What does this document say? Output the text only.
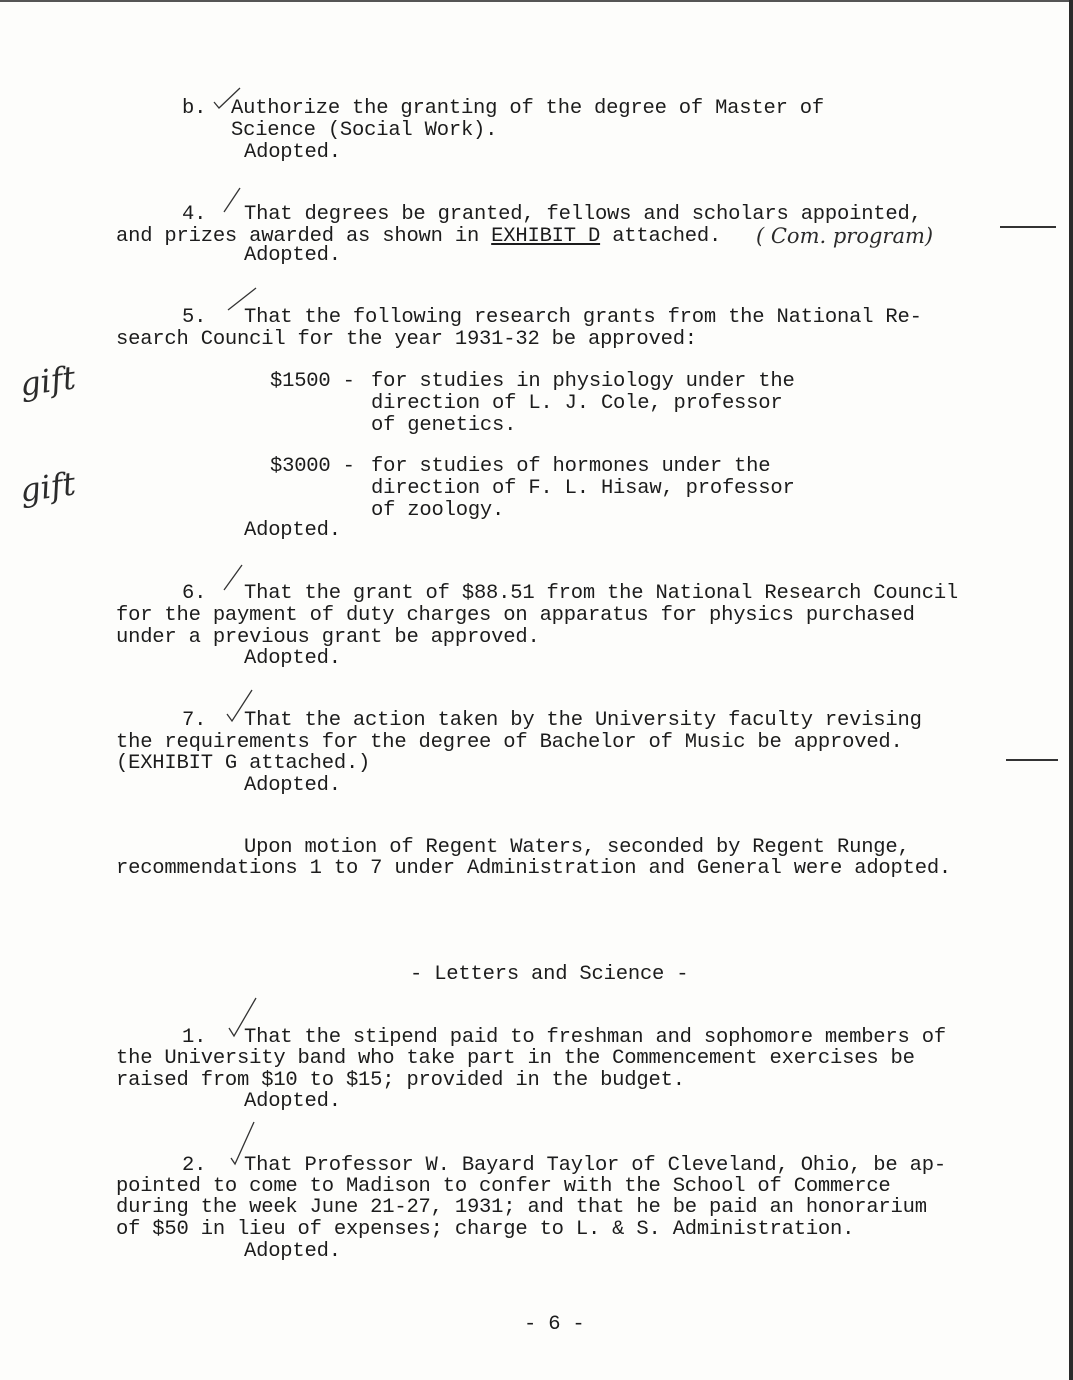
b. Authorize the granting of the degree of Master of
Science (Social Work).
Adopted.
4. That degrees be granted, fellows and scholars appointed,
and prizes awarded as shown in EXHIBIT D attached.
Adopted.
( Com. program)
5. That the following research grants from the National Re-
search Council for the year 1931-32 be approved:
$1500 - for studies in physiology under the
direction of L. J. Cole, professor
of genetics.
$3000 - for studies of hormones under the
direction of F. L. Hisaw, professor
of zoology.
Adopted.
gift
gift
6. That the grant of $88.51 from the National Research Council
for the payment of duty charges on apparatus for physics purchased
under a previous grant be approved.
Adopted.
7. That the action taken by the University faculty revising
the requirements for the degree of Bachelor of Music be approved.
(EXHIBIT G attached.)
Adopted.
Upon motion of Regent Waters, seconded by Regent Runge,
recommendations 1 to 7 under Administration and General were adopted.
- Letters and Science -
1. That the stipend paid to freshman and sophomore members of
the University band who take part in the Commencement exercises be
raised from $10 to $15; provided in the budget.
Adopted.
2. That Professor W. Bayard Taylor of Cleveland, Ohio, be ap-
pointed to come to Madison to confer with the School of Commerce
during the week June 21-27, 1931; and that he be paid an honorarium
of $50 in lieu of expenses; charge to L. & S. Administration.
Adopted.
- 6 -
